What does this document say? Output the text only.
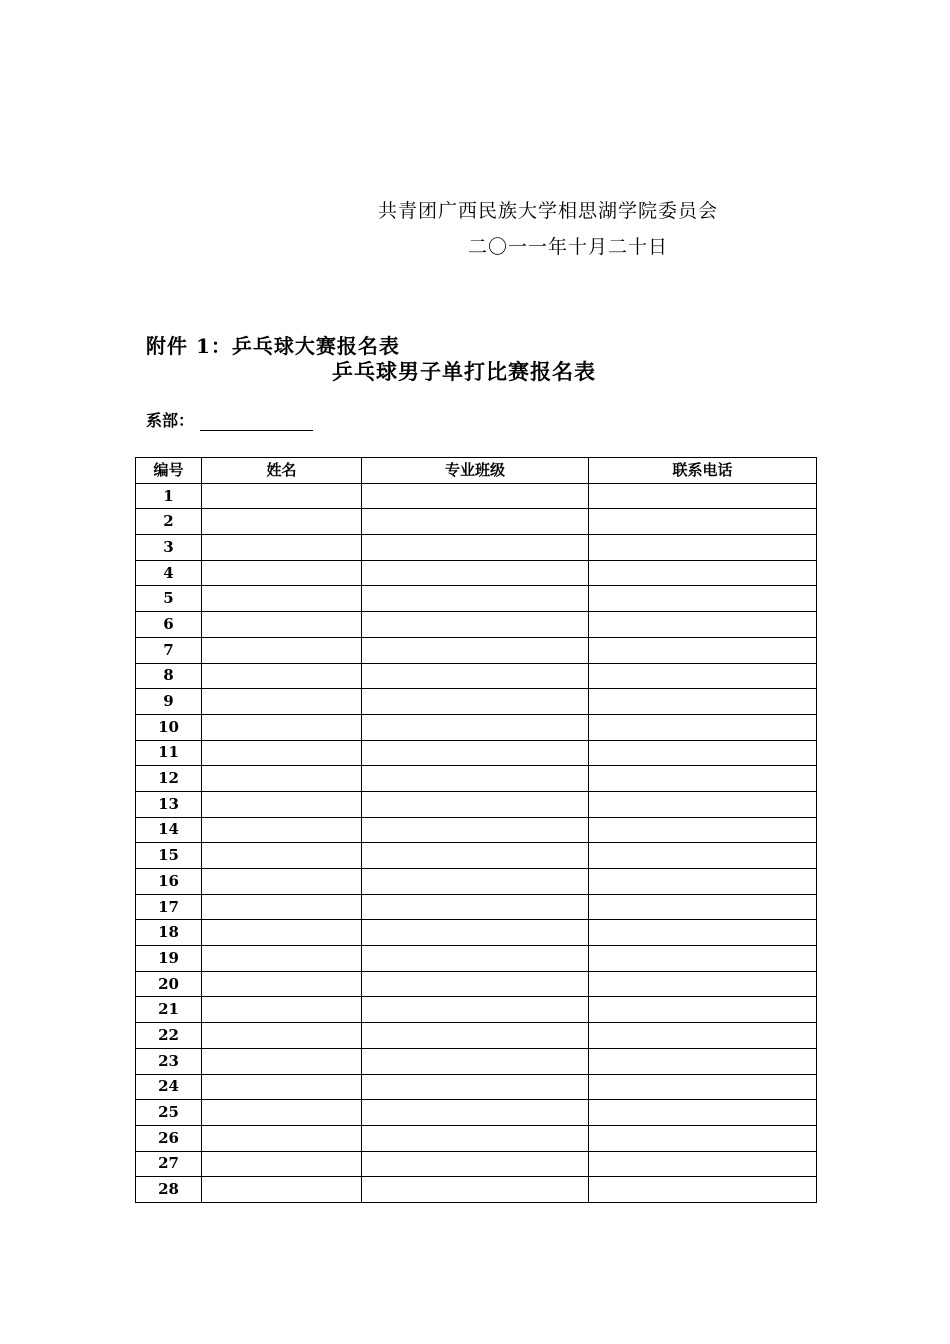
共青团广西民族大学相思湖学院委员会
二〇一一年十月二十日
附件 1：乒乓球大赛报名表
乒乓球男子单打比赛报名表
系部：
编号	姓名	专业班级	联系电话
1			
2			
3			
4			
5			
6			
7			
8			
9			
10			
11			
12			
13			
14			
15			
16			
17			
18			
19			
20			
21			
22			
23			
24			
25			
26			
27			
28			
